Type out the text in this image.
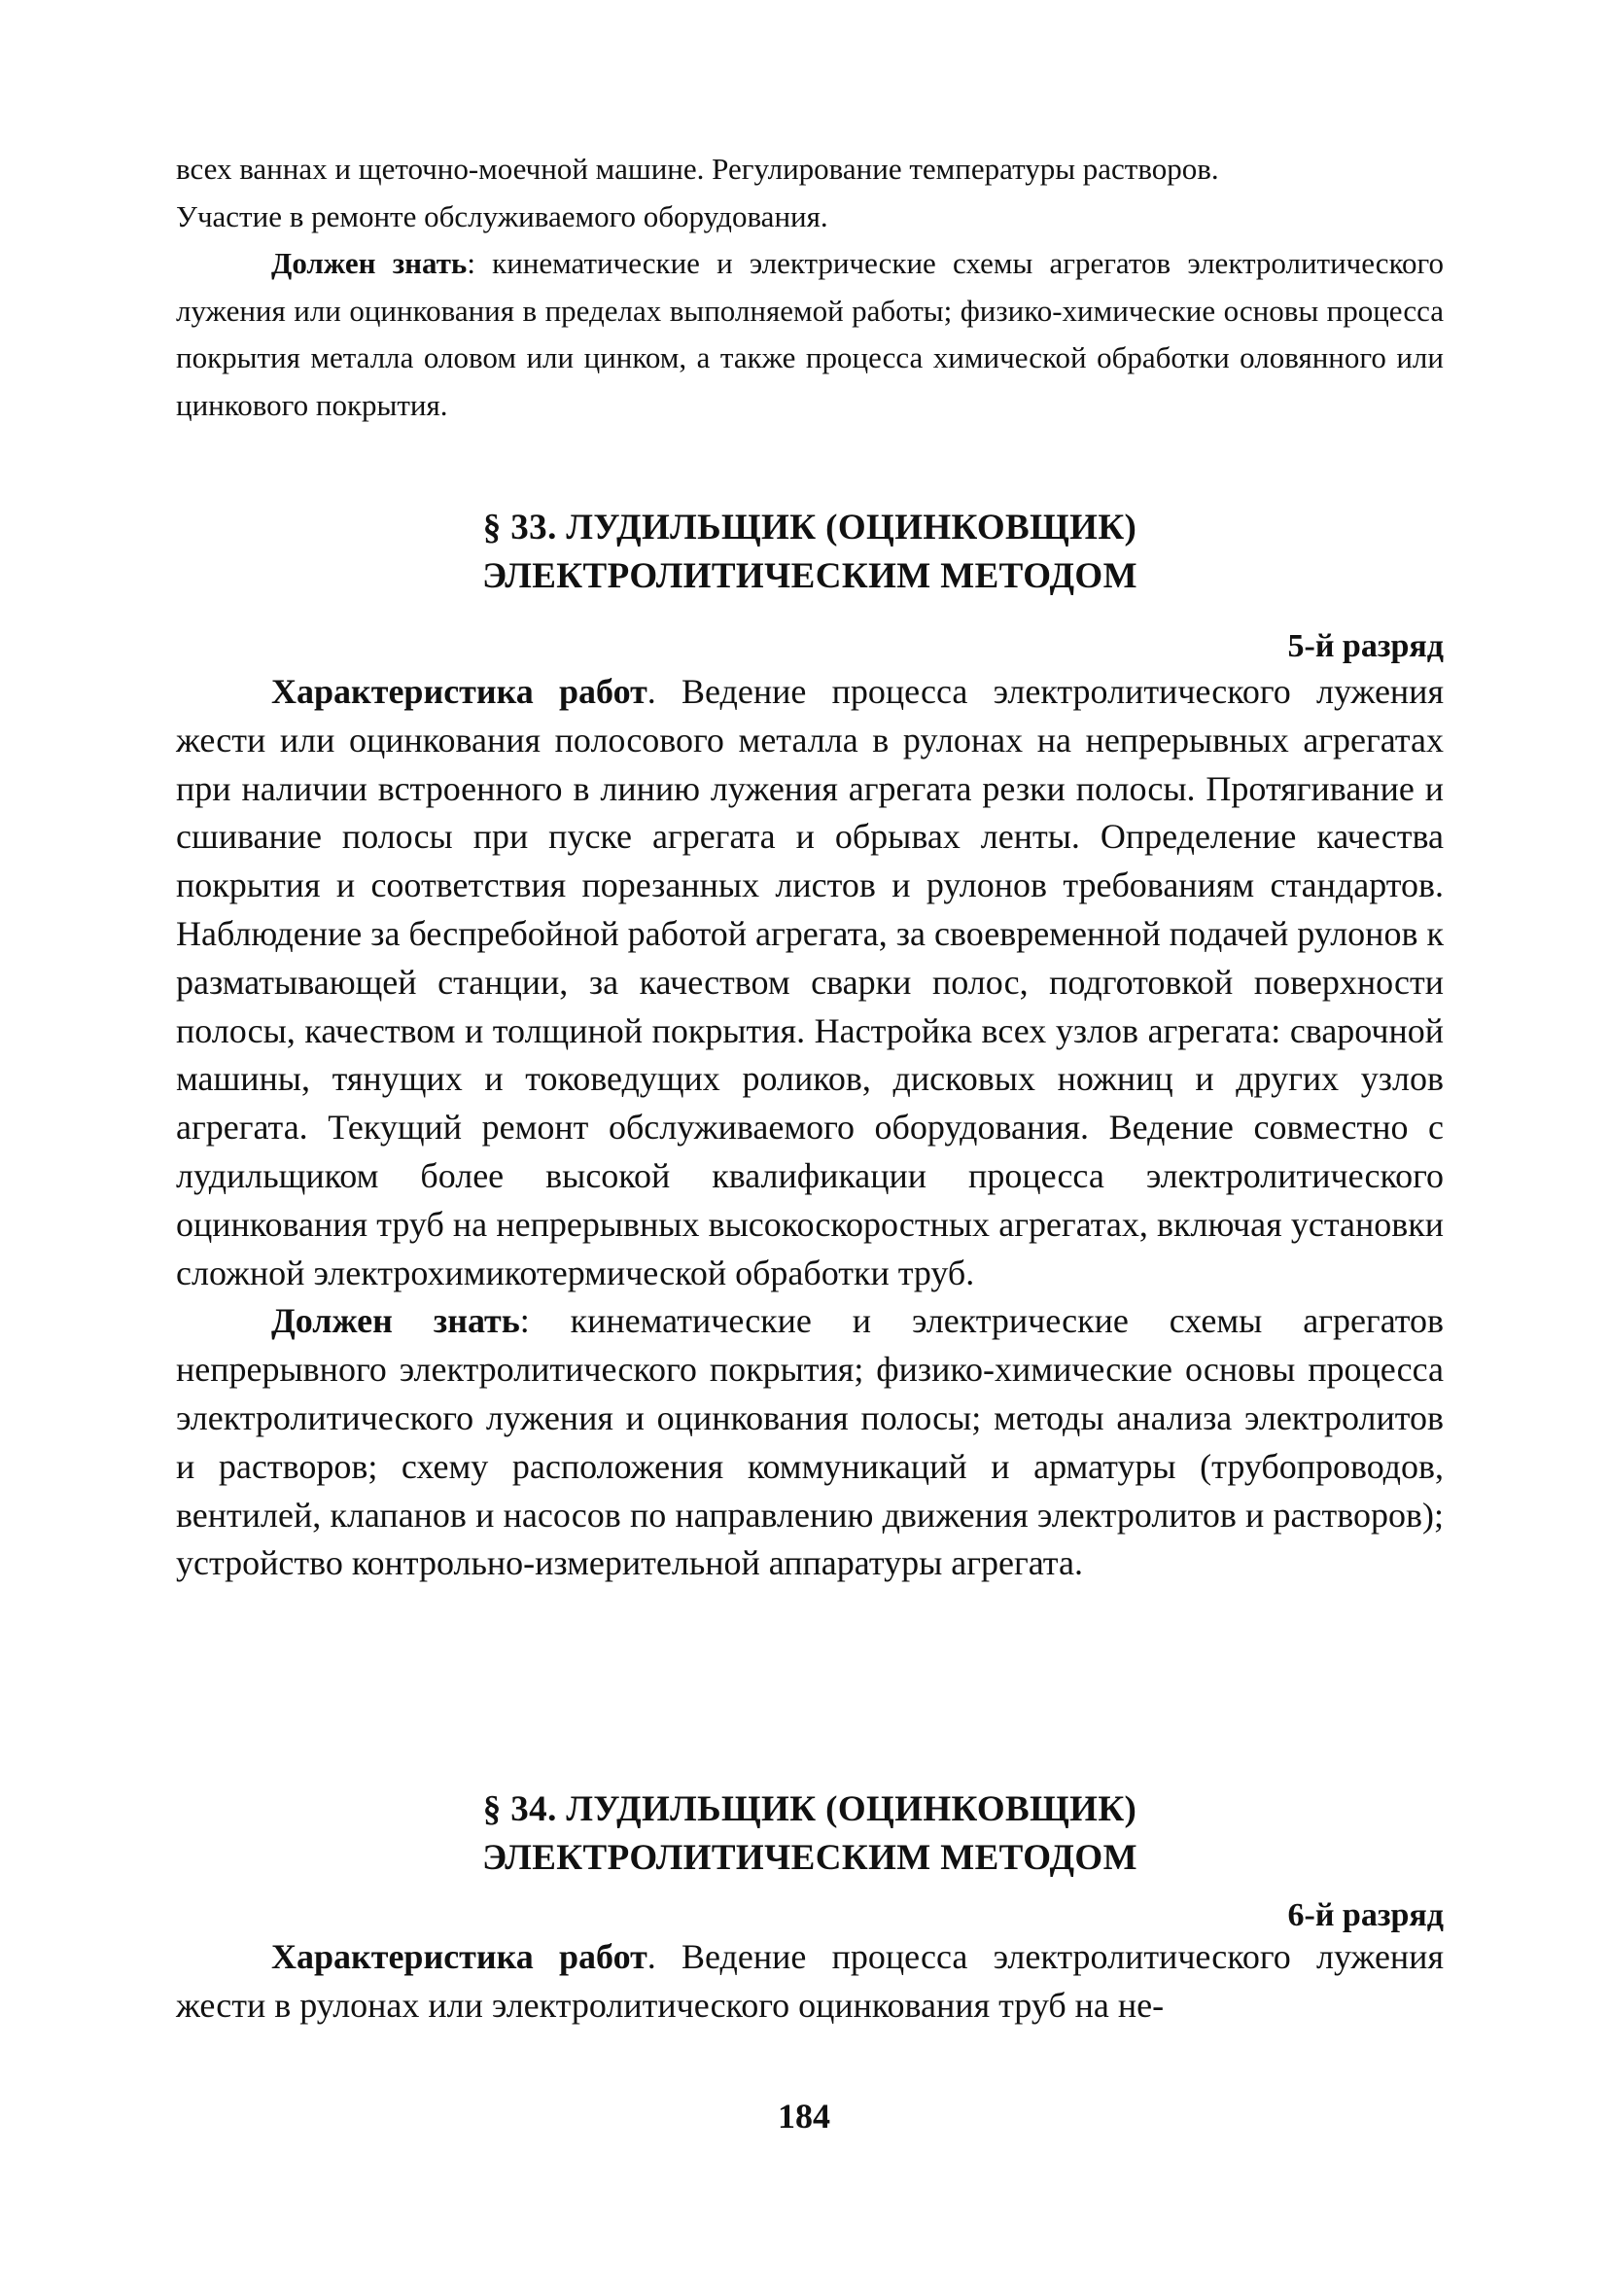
всех ваннах и щеточно-моечной машине. Регулирование температуры растворов.

Участие в ремонте обслуживаемого оборудования.

Должен знать: кинематические и электрические схемы агрегатов электролитического лужения или оцинкования в пределах выполняемой работы; физико-химические основы процесса покрытия металла оловом или цинком, а также процесса химической обработки оловянного или цинкового покрытия.

§ 33. ЛУДИЛЬЩИК (ОЦИНКОВЩИК)
ЭЛЕКТРОЛИТИЧЕСКИМ МЕТОДОМ
5-й разряд

Характеристика работ. Ведение процесса электролитического лужения жести или оцинкования полосового металла в рулонах на непрерывных агрегатах при наличии встроенного в линию лужения агрегата резки полосы. Протягивание и сшивание полосы при пуске агрегата и обрывах ленты. Определение качества покрытия и соответствия порезанных листов и рулонов требованиям стандартов. Наблюдение за беспребойной работой агрегата, за своевременной подачей рулонов к разматывающей станции, за качеством сварки полос, подготовкой поверхности полосы, качеством и толщиной покрытия. Настройка всех узлов агрегата: сварочной машины, тянущих и токоведущих роликов, дисковых ножниц и других узлов агрегата. Текущий ремонт обслуживаемого оборудования. Ведение совместно с лудильщиком более высокой квалификации процесса электролитического оцинкования труб на непрерывных высокоскоростных агрегатах, включая установки сложной электрохимикотермической обработки труб.

Должен знать: кинематические и электрические схемы агрегатов непрерывного электролитического покрытия; физико-химические основы процесса электролитического лужения и оцинкования полосы; методы анализа электролитов и растворов; схему расположения коммуникаций и арматуры (трубопроводов, вентилей, клапанов и насосов по направлению движения электролитов и растворов); устройство контрольно-измерительной аппаратуры агрегата.

§ 34. ЛУДИЛЬЩИК (ОЦИНКОВЩИК)
ЭЛЕКТРОЛИТИЧЕСКИМ МЕТОДОМ
6-й разряд

Характеристика работ. Ведение процесса электролитического лужения жести в рулонах или электролитического оцинкования труб на не-

184
